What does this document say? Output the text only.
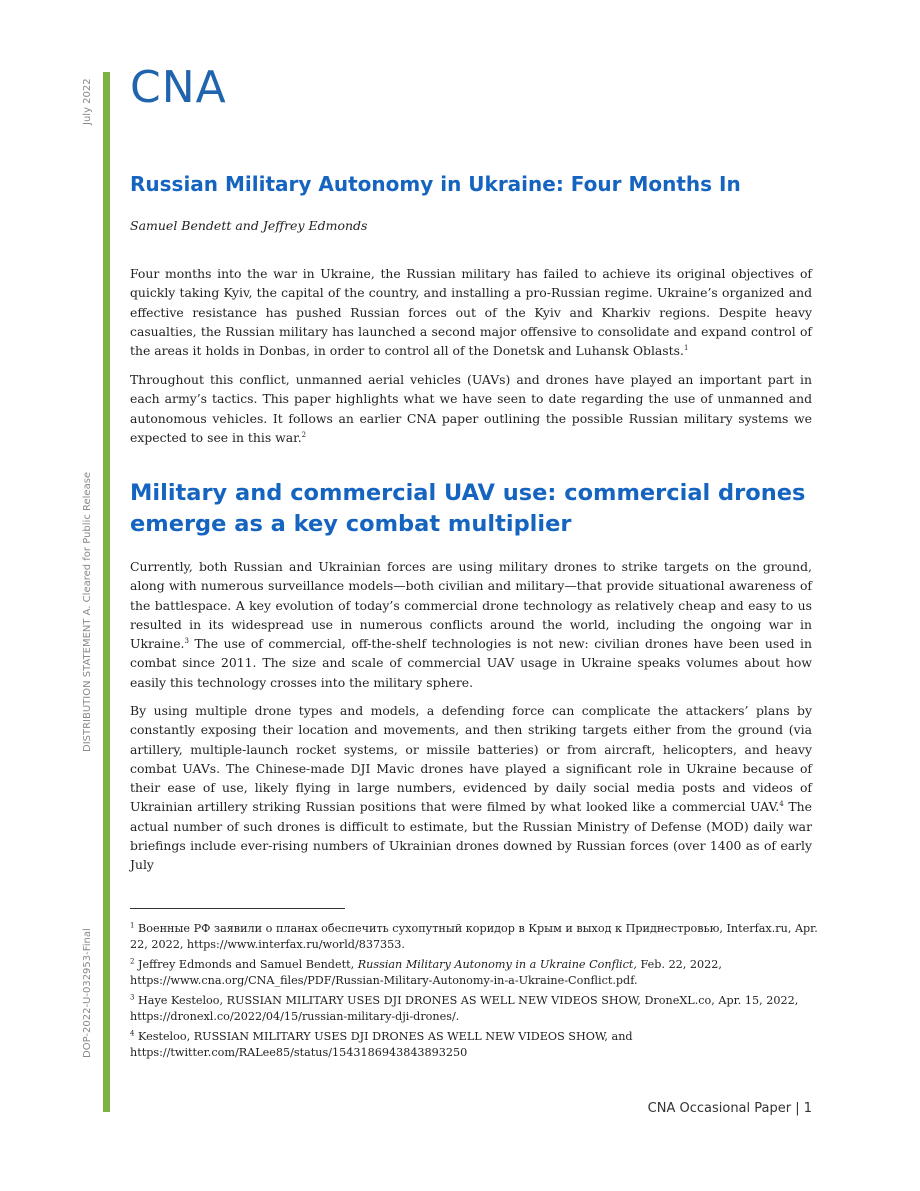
July 2022
DISTRIBUTION STATEMENT A. Cleared for Public Release
DOP-2022-U-032953-Final
CNA
Russian Military Autonomy in Ukraine: Four Months In

Samuel Bendett and Jeffrey Edmonds

Four months into the war in Ukraine, the Russian military has failed to achieve its original objectives of quickly taking Kyiv, the capital of the country, and installing a pro-Russian regime. Ukraine’s organized and effective resistance has pushed Russian forces out of the Kyiv and Kharkiv regions. Despite heavy casualties, the Russian military has launched a second major offensive to consolidate and expand control of the areas it holds in Donbas, in order to control all of the Donetsk and Luhansk Oblasts.$^1$

Throughout this conflict, unmanned aerial vehicles (UAVs) and drones have played an important part in each army’s tactics. This paper highlights what we have seen to date regarding the use of unmanned and autonomous vehicles. It follows an earlier CNA paper outlining the possible Russian military systems we expected to see in this war.$^2$

Military and commercial UAV use: commercial drones emerge as a key combat multiplier

Currently, both Russian and Ukrainian forces are using military drones to strike targets on the ground, along with numerous surveillance models—both civilian and military—that provide situational awareness of the battlespace. A key evolution of today’s commercial drone technology as relatively cheap and easy to us resulted in its widespread use in numerous conflicts around the world, including the ongoing war in Ukraine.$^3$ The use of commercial, off-the-shelf technologies is not new: civilian drones have been used in combat since 2011. The size and scale of commercial UAV usage in Ukraine speaks volumes about how easily this technology crosses into the military sphere.

By using multiple drone types and models, a defending force can complicate the attackers’ plans by constantly exposing their location and movements, and then striking targets either from the ground (via artillery, multiple-launch rocket systems, or missile batteries) or from aircraft, helicopters, and heavy combat UAVs. The Chinese-made DJI Mavic drones have played a significant role in Ukraine because of their ease of use, likely flying in large numbers, evidenced by daily social media posts and videos of Ukrainian artillery striking Russian positions that were filmed by what looked like a commercial UAV.$^4$ The actual number of such drones is difficult to estimate, but the Russian Ministry of Defense (MOD) daily war briefings include ever-rising numbers of Ukrainian drones downed by Russian forces (over 1400 as of early July

$^1$ Военные РФ заявили о планах обеспечить сухопутный коридор в Крым и выход к Приднестровью, Interfax.ru, Apr. 22, 2022, https://www.interfax.ru/world/837353.

$^2$ Jeffrey Edmonds and Samuel Bendett, Russian Military Autonomy in a Ukraine Conflict, Feb. 22, 2022, https://www.cna.org/CNA_files/PDF/Russian-Military-Autonomy-in-a-Ukraine-Conflict.pdf.

$^3$ Haye Kesteloo, RUSSIAN MILITARY USES DJI DRONES AS WELL NEW VIDEOS SHOW, DroneXL.co, Apr. 15, 2022, https://dronexl.co/2022/04/15/russian-military-dji-drones/.

$^4$ Kesteloo, RUSSIAN MILITARY USES DJI DRONES AS WELL NEW VIDEOS SHOW, and https://twitter.com/RALee85/status/1543186943843893250

CNA Occasional Paper | 1
